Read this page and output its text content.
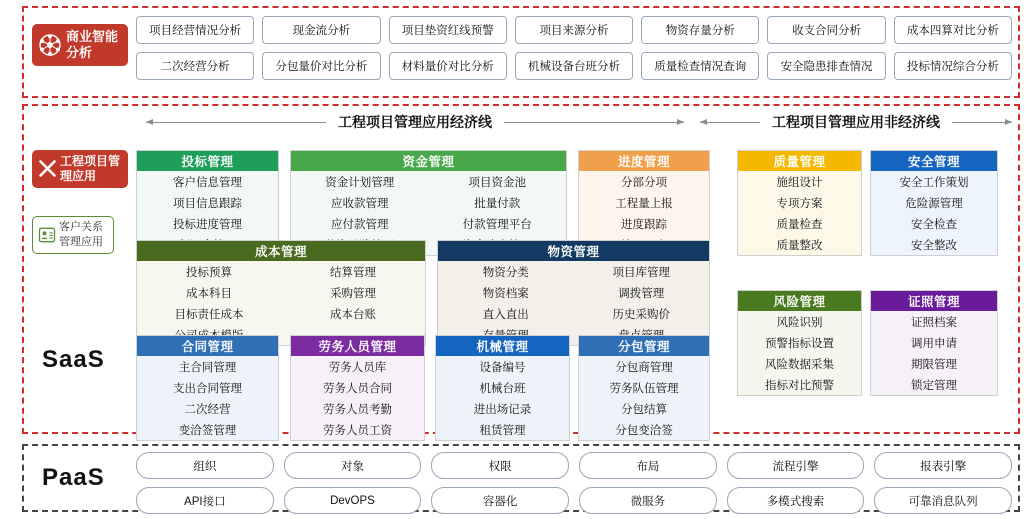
商业智能分析
项目经营情况分析	现金流分析	项目垫资红线预警	项目来源分析	物资存量分析	收支合同分析	成本四算对比分析
二次经营分析	分包量价对比分析	材料量价对比分析	机械设备台班分析	质量检查情况查询	安全隐患排查情况	投标情况综合分析
工程项目管理应用
客户关系管理应用
SaaS
PaaS
工程项目管理应用经济线	工程项目管理应用非经济线
投标管理
客户信息管理
项目信息跟踪
投标进度管理
资金管理
资金计划管理
应收款管理
应付款管理
项目资金池
批量付款
付款管理平台
进度管理
分部分项
工程量上报
进度跟踪
质量管理
施组设计
专项方案
质量检查
质量整改
安全管理
安全工作策划
危险源管理
安全检查
安全整改
成本管理
投标预算
成本科目
目标责任成本
结算管理
采购管理
成本台账
物资管理
物资分类
物资档案
直入直出
项目库管理
调拨管理
历史采购价
风险管理
风险识别
预警指标设置
风险数据采集
指标对比预警
证照管理
证照档案
调用申请
期限管理
锁定管理
合同管理
主合同管理
支出合同管理
二次经营
变洽签管理
劳务人员管理
劳务人员库
劳务人员合同
劳务人员考勤
劳务人员工资
机械管理
设备编号
机械台班
进出场记录
租赁管理
分包管理
分包商管理
劳务队伍管理
分包结算
分包变洽签
组织	对象	权限	布局	流程引擎	报表引擎
API接口	DevOPS	容器化	微服务	多模式搜索	可靠消息队列
